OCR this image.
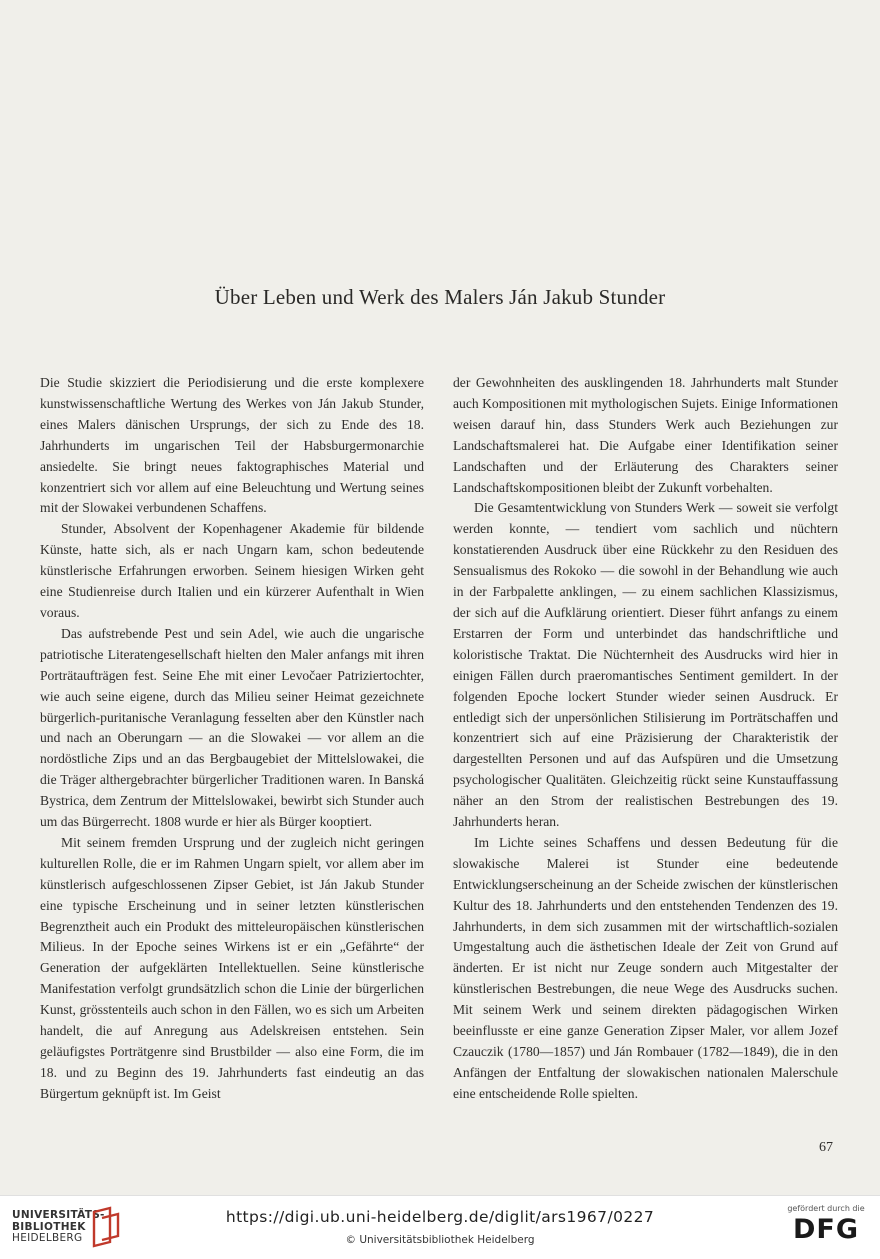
Über Leben und Werk des Malers Ján Jakub Stunder

Die Studie skizziert die Periodisierung und die erste komplexere kunstwissenschaftliche Wertung des Werkes von Ján Jakub Stunder, eines Malers dänischen Ursprungs, der sich zu Ende des 18. Jahrhunderts im ungarischen Teil der Habsburgermonarchie ansiedelte. Sie bringt neues faktographisches Material und konzentriert sich vor allem auf eine Beleuchtung und Wertung seines mit der Slowakei verbundenen Schaffens.

Stunder, Absolvent der Kopenhagener Akademie für bildende Künste, hatte sich, als er nach Ungarn kam, schon bedeutende künstlerische Erfahrungen erworben. Seinem hiesigen Wirken geht eine Studienreise durch Italien und ein kürzerer Aufenthalt in Wien voraus.

Das aufstrebende Pest und sein Adel, wie auch die ungarische patriotische Literatengesellschaft hielten den Maler anfangs mit ihren Porträtaufträgen fest. Seine Ehe mit einer Levočaer Patriziertochter, wie auch seine eigene, durch das Milieu seiner Heimat gezeichnete bürgerlich-puritanische Veranlagung fesselten aber den Künstler nach und nach an Oberungarn — an die Slowakei — vor allem an die nordöstliche Zips und an das Bergbaugebiet der Mittelslowakei, die die Träger althergebrachter bürgerlicher Traditionen waren. In Banská Bystrica, dem Zentrum der Mittelslowakei, bewirbt sich Stunder auch um das Bürgerrecht. 1808 wurde er hier als Bürger kooptiert.

Mit seinem fremden Ursprung und der zugleich nicht geringen kulturellen Rolle, die er im Rahmen Ungarn spielt, vor allem aber im künstlerisch aufgeschlossenen Zipser Gebiet, ist Ján Jakub Stunder eine typische Erscheinung und in seiner letzten künstlerischen Begrenztheit auch ein Produkt des mitteleuropäischen künstlerischen Milieus. In der Epoche seines Wirkens ist er ein „Gefährte“ der Generation der aufgeklärten Intellektuellen. Seine künstlerische Manifestation verfolgt grundsätzlich schon die Linie der bürgerlichen Kunst, grösstenteils auch schon in den Fällen, wo es sich um Arbeiten handelt, die auf Anregung aus Adelskreisen entstehen. Sein geläufigstes Porträtgenre sind Brustbilder — also eine Form, die im 18. und zu Beginn des 19. Jahrhunderts fast eindeutig an das Bürgertum geknüpft ist. Im Geist

der Gewohnheiten des ausklingenden 18. Jahrhunderts malt Stunder auch Kompositionen mit mythologischen Sujets. Einige Informationen weisen darauf hin, dass Stunders Werk auch Beziehungen zur Landschaftsmalerei hat. Die Aufgabe einer Identifikation seiner Landschaften und der Erläuterung des Charakters seiner Landschaftskompositionen bleibt der Zukunft vorbehalten.

Die Gesamtentwicklung von Stunders Werk — soweit sie verfolgt werden konnte, — tendiert vom sachlich und nüchtern konstatierenden Ausdruck über eine Rückkehr zu den Residuen des Sensualismus des Rokoko — die sowohl in der Behandlung wie auch in der Farbpalette anklingen, — zu einem sachlichen Klassizismus, der sich auf die Aufklärung orientiert. Dieser führt anfangs zu einem Erstarren der Form und unterbindet das handschriftliche und koloristische Traktat. Die Nüchternheit des Ausdrucks wird hier in einigen Fällen durch praeromantisches Sentiment gemildert. In der folgenden Epoche lockert Stunder wieder seinen Ausdruck. Er entledigt sich der unpersönlichen Stilisierung im Porträtschaffen und konzentriert sich auf eine Präzisierung der Charakteristik der dargestellten Personen und auf das Aufspüren und die Umsetzung psychologischer Qualitäten. Gleichzeitig rückt seine Kunstauffassung näher an den Strom der realistischen Bestrebungen des 19. Jahrhunderts heran.

Im Lichte seines Schaffens und dessen Bedeutung für die slowakische Malerei ist Stunder eine bedeutende Entwicklungserscheinung an der Scheide zwischen der künstlerischen Kultur des 18. Jahrhunderts und den entstehenden Tendenzen des 19. Jahrhunderts, in dem sich zusammen mit der wirtschaftlich-sozialen Umgestaltung auch die ästhetischen Ideale der Zeit von Grund auf änderten. Er ist nicht nur Zeuge sondern auch Mitgestalter der künstlerischen Bestrebungen, die neue Wege des Ausdrucks suchen. Mit seinem Werk und seinem direkten pädagogischen Wirken beeinflusste er eine ganze Generation Zipser Maler, vor allem Jozef Czauczik (1780—1857) und Ján Rombauer (1782—1849), die in den Anfängen der Entfaltung der slowakischen nationalen Malerschule eine entscheidende Rolle spielten.

67
UNIVERSITÄTS-
BIBLIOTHEK
HEIDELBERG
https://digi.ub.uni-heidelberg.de/diglit/ars1967/0227
© Universitätsbibliothek Heidelberg
gefördert durch die
DFG
